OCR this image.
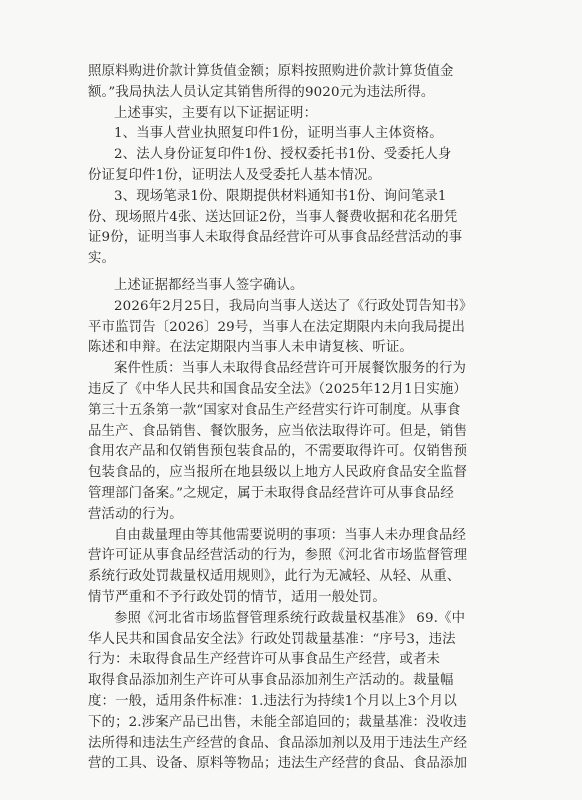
照原料购进价款计算货值金额；原料按照购进价款计算货值金
额。”我局执法人员认定其销售所得的9020元为违法所得。
上述事实，主要有以下证据证明：
1、当事人营业执照复印件1份，证明当事人主体资格。
2、法人身份证复印件1份、授权委托书1份、受委托人身
份证复印件1份，证明法人及受委托人基本情况。
3、现场笔录1份、限期提供材料通知书1份、询问笔录1
份、现场照片4张、送达回证2份，当事人餐费收据和花名册凭
证9份，证明当事人未取得食品经营许可从事食品经营活动的事
实。
上述证据都经当事人签字确认。
2026年2月25日，我局向当事人送达了《行政处罚告知书》
平市监罚告〔2026〕29号，当事人在法定期限内未向我局提出
陈述和申辩。在法定期限内当事人未申请复核、听证。
案件性质：当事人未取得食品经营许可开展餐饮服务的行为
违反了《中华人民共和国食品安全法》（2025年12月1日实施）
第三十五条第一款“国家对食品生产经营实行许可制度。从事食
品生产、食品销售、餐饮服务，应当依法取得许可。但是，销售
食用农产品和仅销售预包装食品的，不需要取得许可。仅销售预
包装食品的，应当报所在地县级以上地方人民政府食品安全监督
管理部门备案。”之规定，属于未取得食品经营许可从事食品经
营活动的行为。
自由裁量理由等其他需要说明的事项：当事人未办理食品经
营许可证从事食品经营活动的行为，参照《河北省市场监督管理
系统行政处罚裁量权适用规则》，此行为无减轻、从轻、从重、
情节严重和不予行政处罚的情节，适用一般处罚。
参照《河北省市场监督管理系统行政裁量权基准》 69.《中
华人民共和国食品安全法》行政处罚裁量基准：“序号3，违法
行为：未取得食品生产经营许可从事食品生产经营，或者未
取得食品添加剂生产许可从事食品添加剂生产活动的。裁量幅
度：一般，适用条件标准：1.违法行为持续1个月以上3个月以
下的；2.涉案产品已出售，未能全部追回的；裁量基准：没收违
法所得和违法生产经营的食品、食品添加剂以及用于违法生产经
营的工具、设备、原料等物品；违法生产经营的食品、食品添加
